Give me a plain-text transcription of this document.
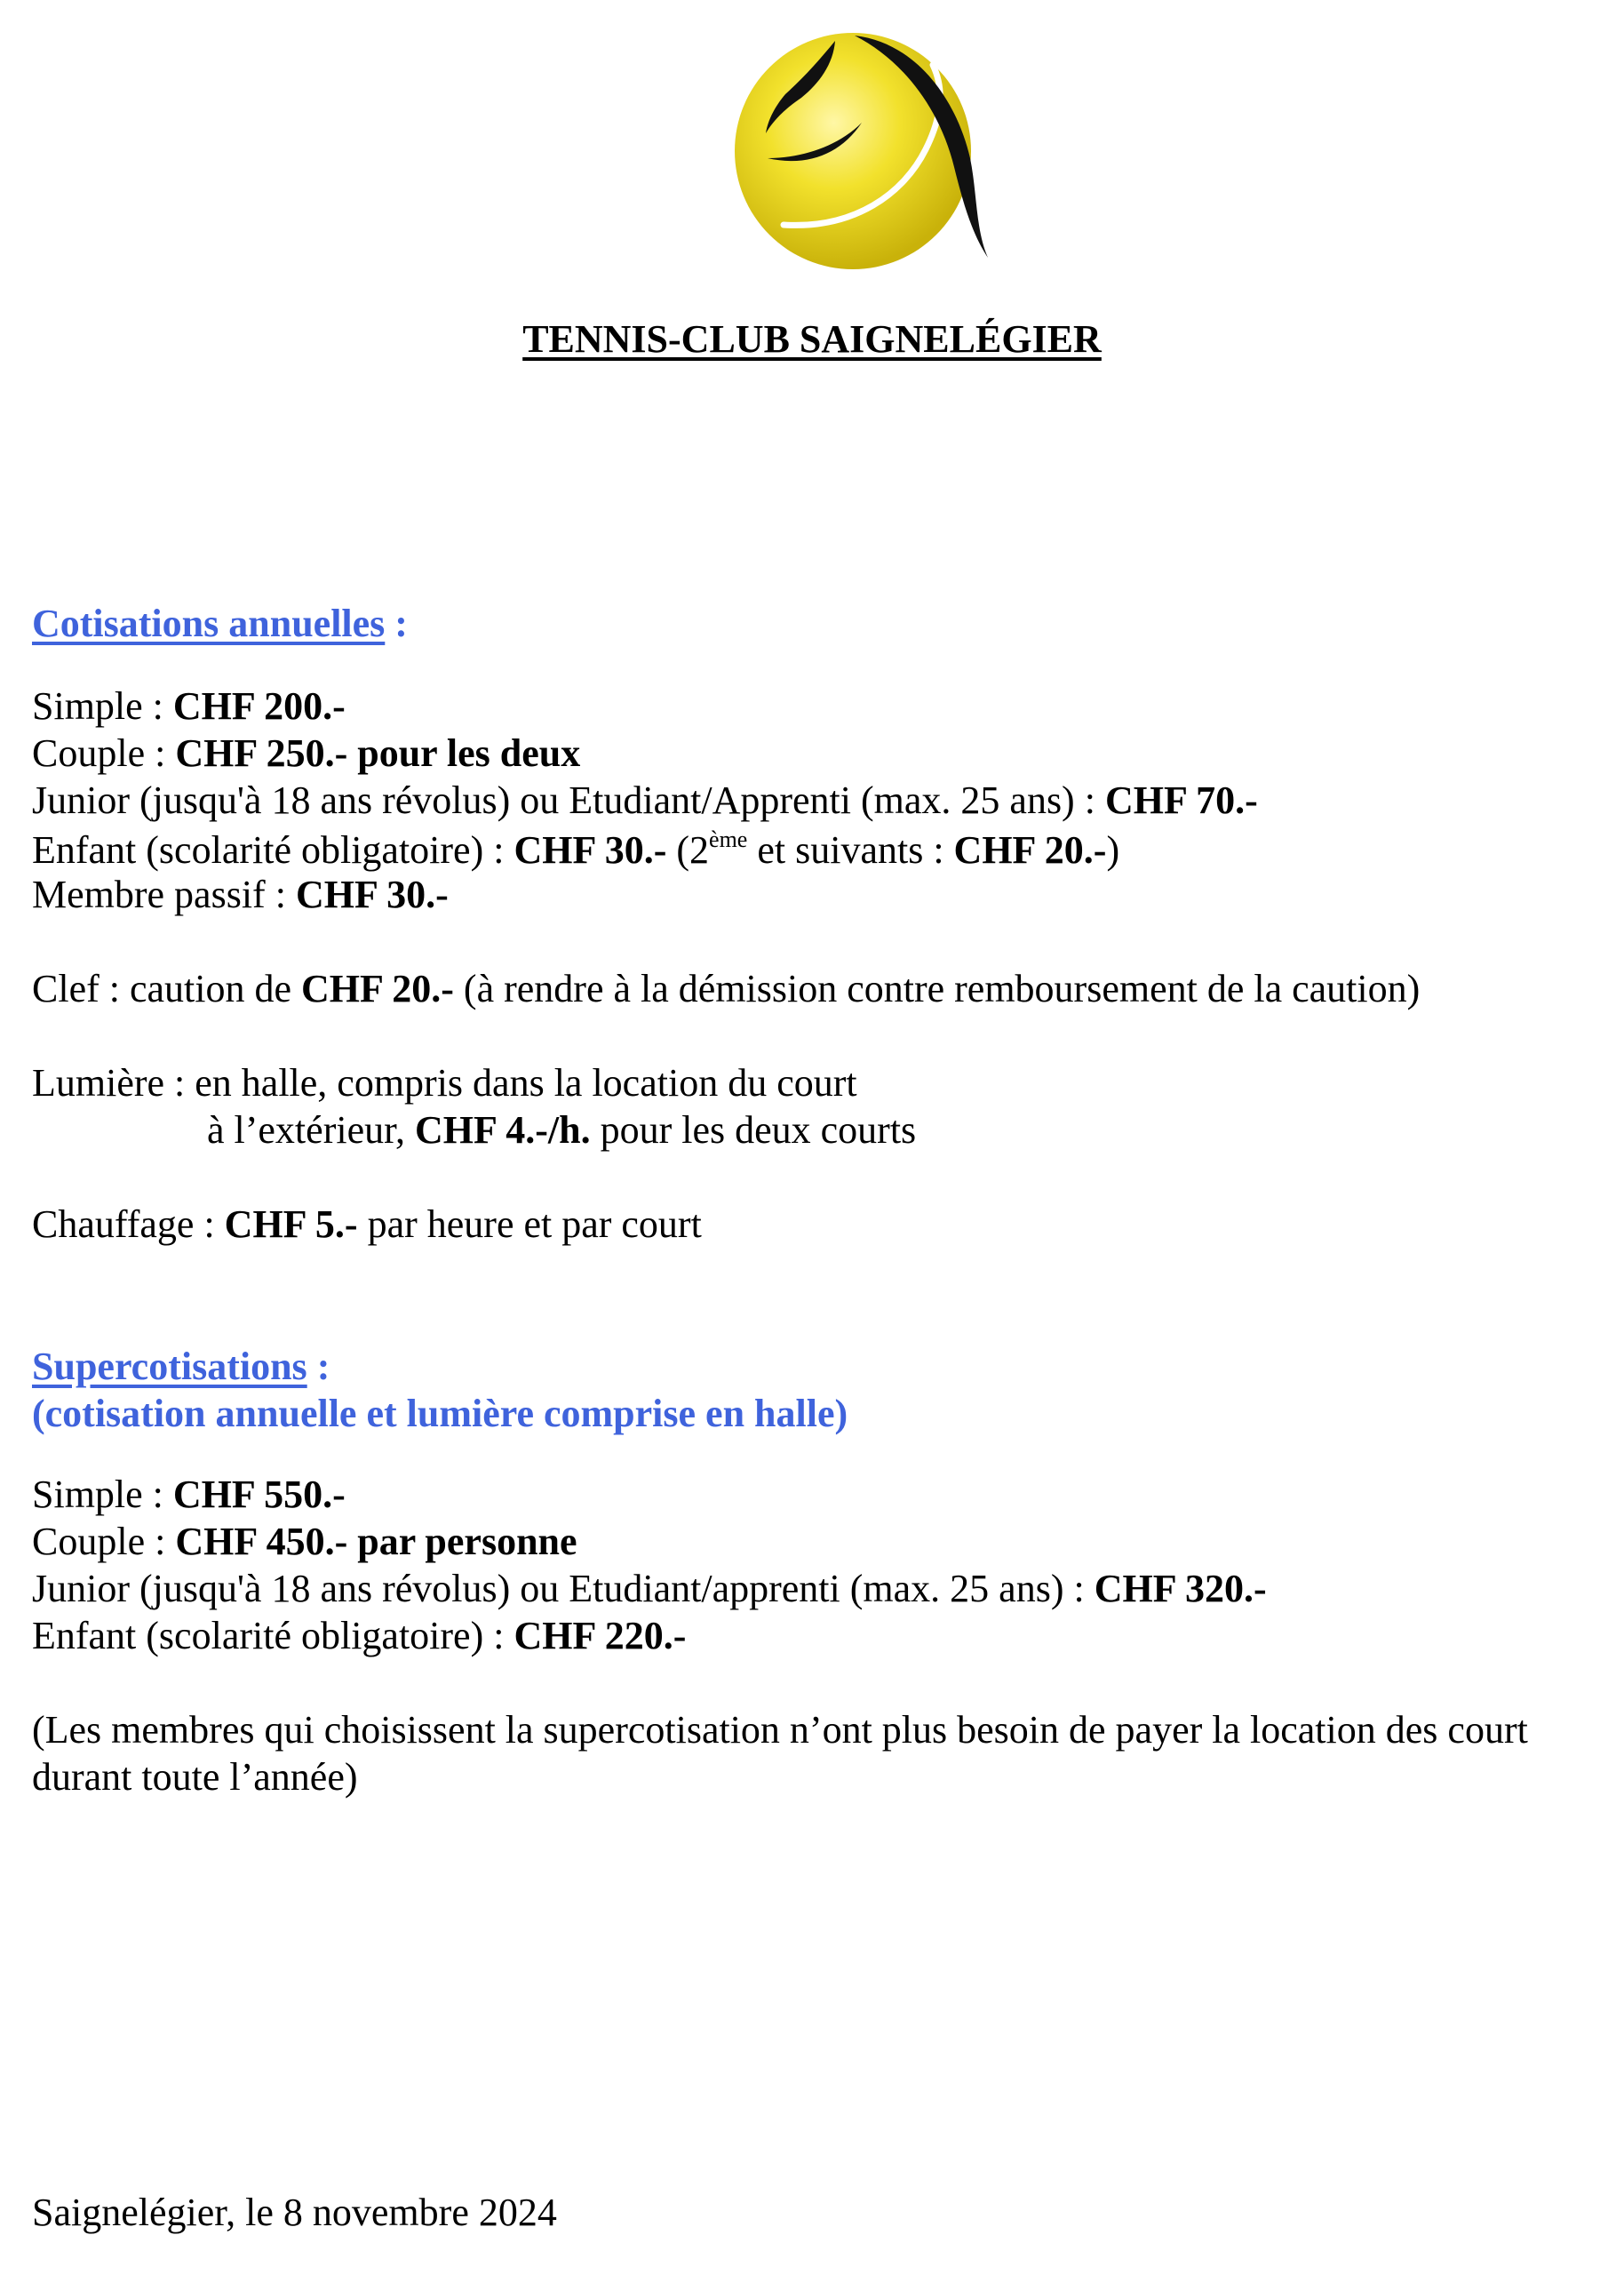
TENNIS-CLUB SAIGNELÉGIER
Cotisations annuelles :
Simple : CHF 200.-
Couple : CHF 250.- pour les deux
Junior (jusqu'à 18 ans révolus) ou Etudiant/Apprenti (max. 25 ans) : CHF 70.-
Enfant (scolarité obligatoire) : CHF 30.- (2ème et suivants : CHF 20.-)
Membre passif : CHF 30.-
Clef : caution de CHF 20.- (à rendre à la démission contre remboursement de la caution)
Lumière : en halle, compris dans la location du court
à l’extérieur, CHF 4.-/h. pour les deux courts
Chauffage : CHF 5.- par heure et par court
Supercotisations :
(cotisation annuelle et lumière comprise en halle)
Simple : CHF 550.-
Couple : CHF 450.- par personne
Junior (jusqu'à 18 ans révolus) ou Etudiant/apprenti (max. 25 ans) : CHF 320.-
Enfant (scolarité obligatoire) : CHF 220.-
(Les membres qui choisissent la supercotisation n’ont plus besoin de payer la location des court
durant toute l’année)
Saignelégier, le 8 novembre 2024
